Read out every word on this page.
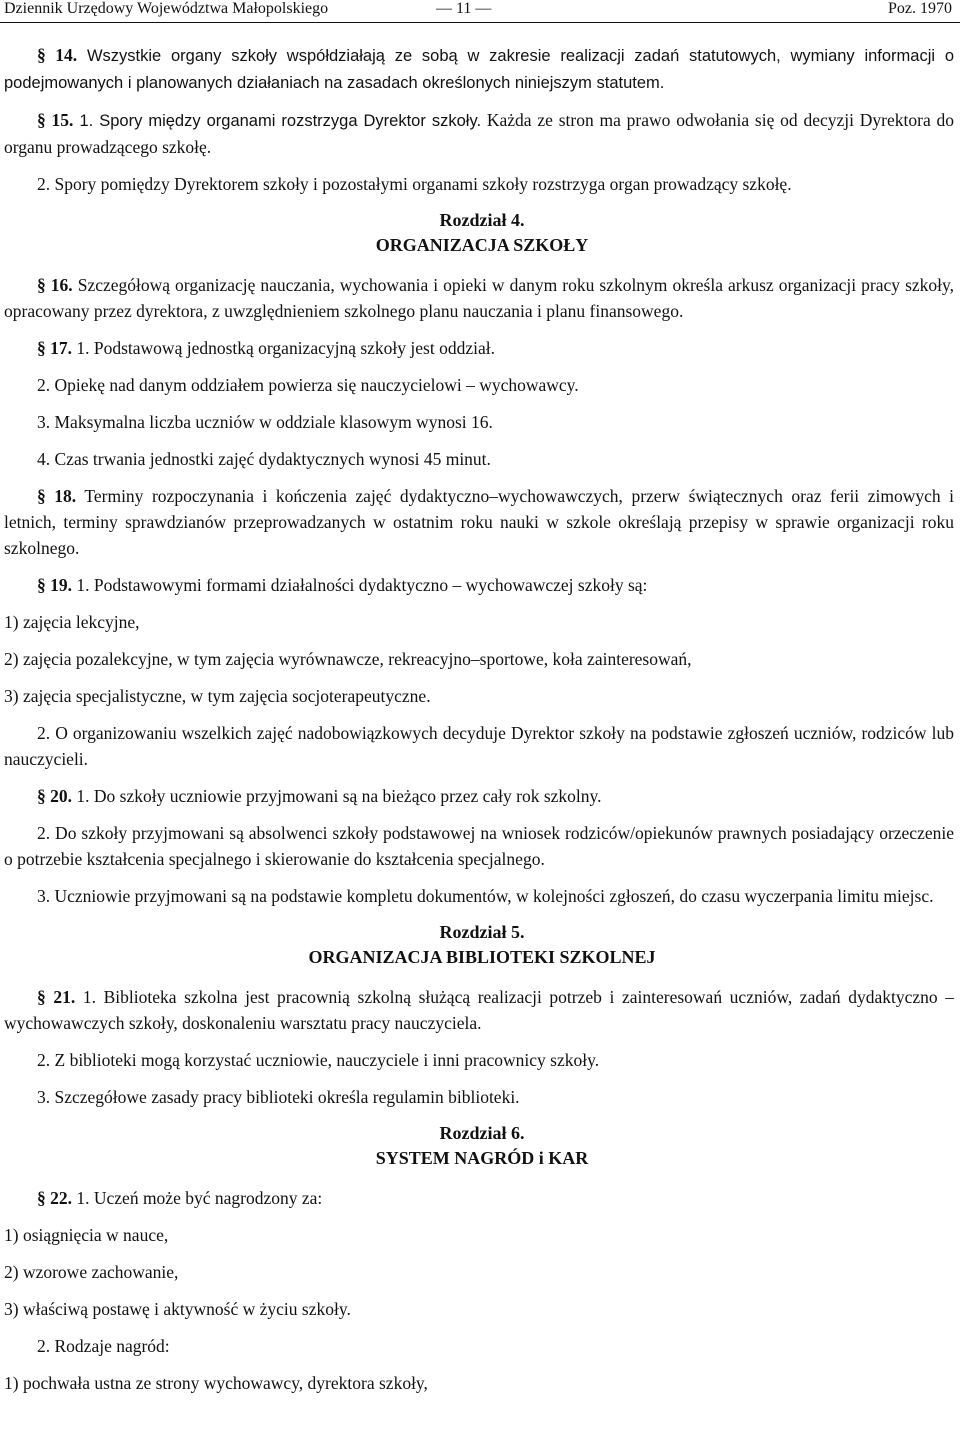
Dziennik Urzędowy Województwa Małopolskiego	— 11 —	Poz. 1970

§ 14. Wszystkie organy szkoły współdziałają ze sobą w zakresie realizacji zadań statutowych, wymiany informacji o podejmowanych i planowanych działaniach na zasadach określonych niniejszym statutem.

§ 15. 1. Spory między organami rozstrzyga Dyrektor szkoły. Każda ze stron ma prawo odwołania się od decyzji Dyrektora do organu prowadzącego szkołę.

2. Spory pomiędzy Dyrektorem szkoły i pozostałymi organami szkoły rozstrzyga organ prowadzący szkołę.

Rozdział 4.
ORGANIZACJA SZKOŁY

§ 16. Szczegółową organizację nauczania, wychowania i opieki w danym roku szkolnym określa arkusz organizacji pracy szkoły, opracowany przez dyrektora, z uwzględnieniem szkolnego planu nauczania i planu finansowego.

§ 17. 1. Podstawową jednostką organizacyjną szkoły jest oddział.

2. Opiekę nad danym oddziałem powierza się nauczycielowi – wychowawcy.

3. Maksymalna liczba uczniów w oddziale klasowym wynosi 16.

4. Czas trwania jednostki zajęć dydaktycznych wynosi 45 minut.

§ 18. Terminy rozpoczynania i kończenia zajęć dydaktyczno–wychowawczych, przerw świątecznych oraz ferii zimowych i letnich, terminy sprawdzianów przeprowadzanych w ostatnim roku nauki w szkole określają przepisy w sprawie organizacji roku szkolnego.

§ 19. 1. Podstawowymi formami działalności dydaktyczno – wychowawczej szkoły są:

1) zajęcia lekcyjne,

2) zajęcia pozalekcyjne, w tym zajęcia wyrównawcze, rekreacyjno–sportowe, koła zainteresowań,

3) zajęcia specjalistyczne, w tym zajęcia socjoterapeutyczne.

2. O organizowaniu wszelkich zajęć nadobowiązkowych decyduje Dyrektor szkoły na podstawie zgłoszeń uczniów, rodziców lub nauczycieli.

§ 20. 1. Do szkoły uczniowie przyjmowani są na bieżąco przez cały rok szkolny.

2. Do szkoły przyjmowani są absolwenci szkoły podstawowej na wniosek rodziców/opiekunów prawnych posiadający orzeczenie o potrzebie kształcenia specjalnego i skierowanie do kształcenia specjalnego.

3. Uczniowie przyjmowani są na podstawie kompletu dokumentów, w kolejności zgłoszeń, do czasu wyczerpania limitu miejsc.

Rozdział 5.
ORGANIZACJA BIBLIOTEKI SZKOLNEJ

§ 21. 1. Biblioteka szkolna jest pracownią szkolną służącą realizacji potrzeb i zainteresowań uczniów, zadań dydaktyczno – wychowawczych szkoły, doskonaleniu warsztatu pracy nauczyciela.

2. Z biblioteki mogą korzystać uczniowie, nauczyciele i inni pracownicy szkoły.

3. Szczegółowe zasady pracy biblioteki określa regulamin biblioteki.

Rozdział 6.
SYSTEM NAGRÓD i KAR

§ 22. 1. Uczeń może być nagrodzony za:

1) osiągnięcia w nauce,

2) wzorowe zachowanie,

3) właściwą postawę i aktywność w życiu szkoły.

2. Rodzaje nagród:

1) pochwała ustna ze strony wychowawcy, dyrektora szkoły,
